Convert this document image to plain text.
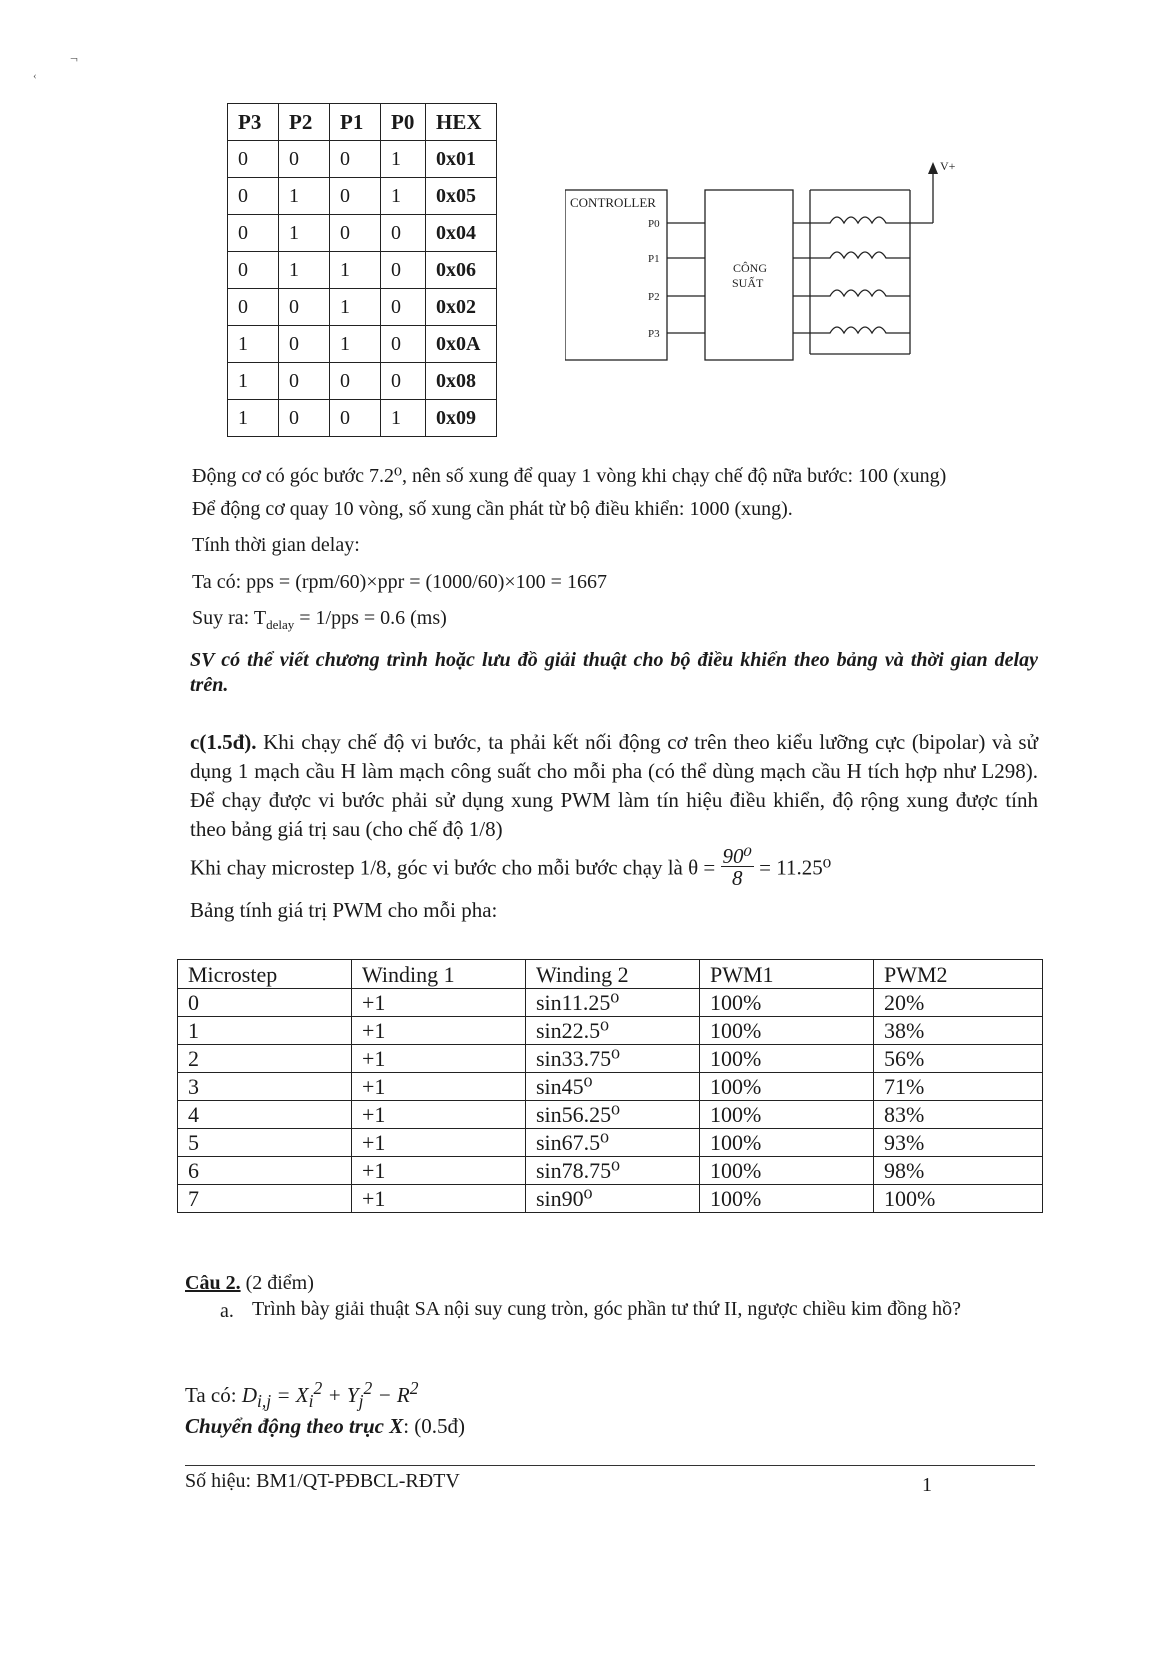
¬
‹
P3	P2	P1	P0	HEX
0	0	0	1	0x01
0	1	0	1	0x05
0	1	0	0	0x04
0	1	1	0	0x06
0	0	1	0	0x02
1	0	1	0	0x0A
1	0	0	0	0x08
1	0	0	1	0x09
CONTROLLER
P0
P1
P2
P3
CÔNG
SUẤT
V+
Động cơ có góc bước 7.2⁰, nên số xung để quay 1 vòng khi chạy chế độ nữa bước: 100 (xung)
Để động cơ quay 10 vòng, số xung cần phát từ bộ điều khiển: 1000 (xung).
Tính thời gian delay:
Ta có: pps = (rpm/60)×ppr = (1000/60)×100 = 1667
Suy ra: $T_{delay} = 1/pps = 0.6$ (ms)
SV có thể viết chương trình hoặc lưu đồ giải thuật cho bộ điều khiển theo bảng và thời gian delay trên.
c(1.5đ). Khi chạy chế độ vi bước, ta phải kết nối động cơ trên theo kiểu lưỡng cực (bipolar) và sử dụng 1 mạch cầu H làm mạch công suất cho mỗi pha (có thể dùng mạch cầu H tích hợp như L298). Để chạy được vi bước phải sử dụng xung PWM làm tín hiệu điều khiển, độ rộng xung được tính theo bảng giá trị sau (cho chế độ 1/8)
Khi chay microstep 1/8, góc vi bước cho mỗi bước chạy là $\theta = \frac{\text{90⁰}}{8} = 11.25^0$
Bảng tính giá trị PWM cho mỗi pha:
Microstep	Winding 1	Winding 2	PWM1	PWM2
0	+1	sin11.25⁰	100%	20%
1	+1	sin22.5⁰	100%	38%
2	+1	sin33.75⁰	100%	56%
3	+1	sin45⁰	100%	71%
4	+1	sin56.25⁰	100%	83%
5	+1	sin67.5⁰	100%	93%
6	+1	sin78.75⁰	100%	98%
7	+1	sin90⁰	100%	100%
Câu 2. (2 điểm)
a. Trình bày giải thuật SA nội suy cung tròn, góc phần tư thứ II, ngược chiều kim đồng hồ?
Ta có: $D_{i,j} = X_i^2 + Y_j^2 - R^2$
Chuyển động theo trục X: (0.5đ)
Số hiệu: BM1/QT-PĐBCL-RĐTV	1
